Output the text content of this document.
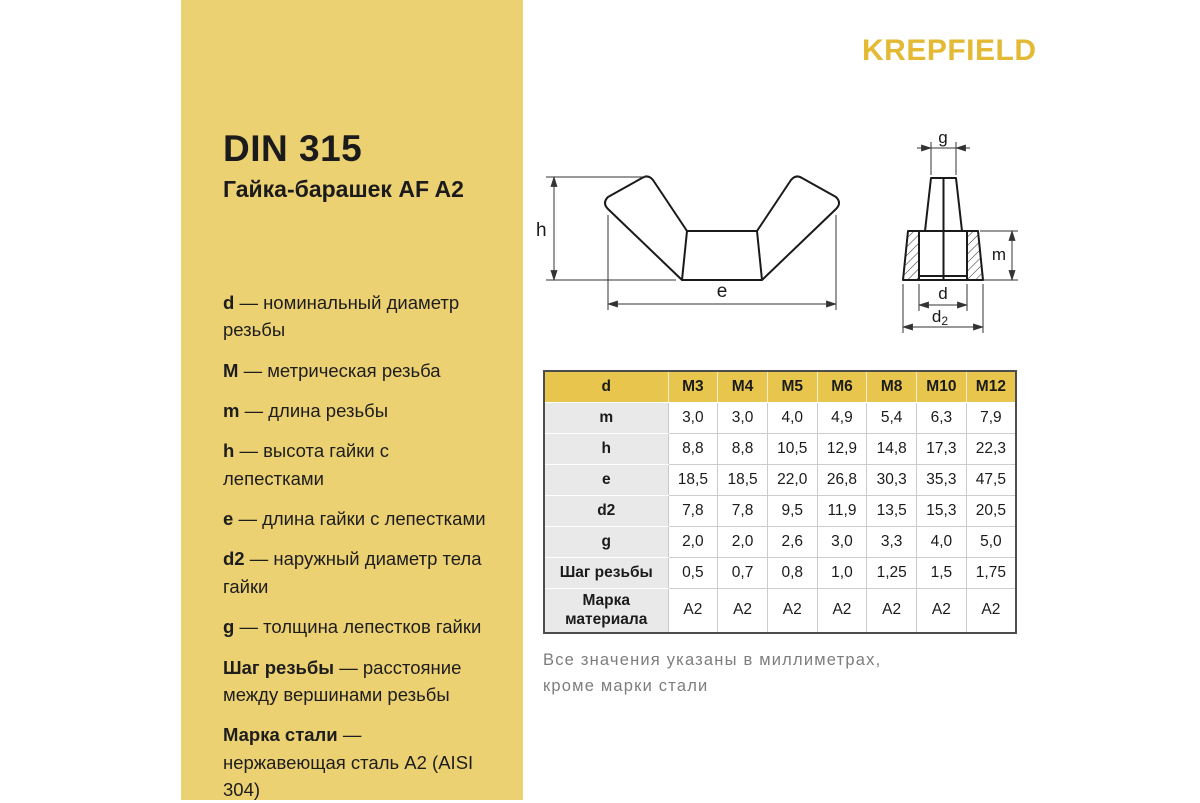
DIN 315
Гайка-барашек AF A2

d — номинальный диаметр резьбы

M — метрическая резьба

m — длина резьбы

h — высота гайки с лепестками

e — длина гайки с лепестками

d2 — наружный диаметр тела гайки

g — толщина лепестков гайки

Шаг резьбы — расстояние между вершинами резьбы

Марка стали — нержавеющая сталь A2 (AISI 304)

KREPFIELD
h
e
g
m
d
d2
d	M3	M4	M5	M6	M8	M10	M12
m	3,0	3,0	4,0	4,9	5,4	6,3	7,9
h	8,8	8,8	10,5	12,9	14,8	17,3	22,3
e	18,5	18,5	22,0	26,8	30,3	35,3	47,5
d2	7,8	7,8	9,5	11,9	13,5	15,3	20,5
g	2,0	2,0	2,6	3,0	3,3	4,0	5,0
Шаг резьбы	0,5	0,7	0,8	1,0	1,25	1,5	1,75
Марка материала	A2	A2	A2	A2	A2	A2	A2
Все значения указаны в миллиметрах,
кроме марки стали
